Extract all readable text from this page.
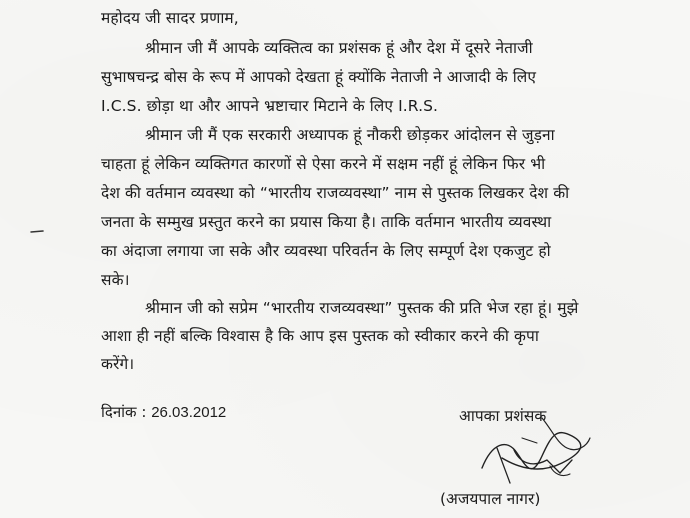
महोदय जी सादर प्रणाम,
श्रीमान जी मैं आपके व्यक्तित्व का प्रशंसक हूं और देश में दूसरे नेताजी
सुभाषचन्द्र बोस के रूप में आपको देखता हूं क्योंकि नेताजी ने आजादी के लिए
I.C.S. छोड़ा था और आपने भ्रष्टाचार मिटाने के लिए I.R.S.
श्रीमान जी मैं एक सरकारी अध्यापक हूं नौकरी छोड़कर आंदोलन से जुड़ना
चाहता हूं लेकिन व्यक्तिगत कारणों से ऐसा करने में सक्षम नहीं हूं लेकिन फिर भी
देश की वर्तमान व्यवस्था को “भारतीय राजव्यवस्था” नाम से पुस्तक लिखकर देश की
जनता के सम्मुख प्रस्तुत करने का प्रयास किया है। ताकि वर्तमान भारतीय व्यवस्था
का अंदाजा लगाया जा सके और व्यवस्था परिवर्तन के लिए सम्पूर्ण देश एकजुट हो
सके।
श्रीमान जी को सप्रेम “भारतीय राजव्यवस्था” पुस्तक की प्रति भेज रहा हूं। मुझे
आशा ही नहीं बल्कि विश्वास है कि आप इस पुस्तक को स्वीकार करने की कृपा
करेंगे।
दिनांक : 26.03.2012	आपका प्रशंसक
(अजयपाल नागर)
